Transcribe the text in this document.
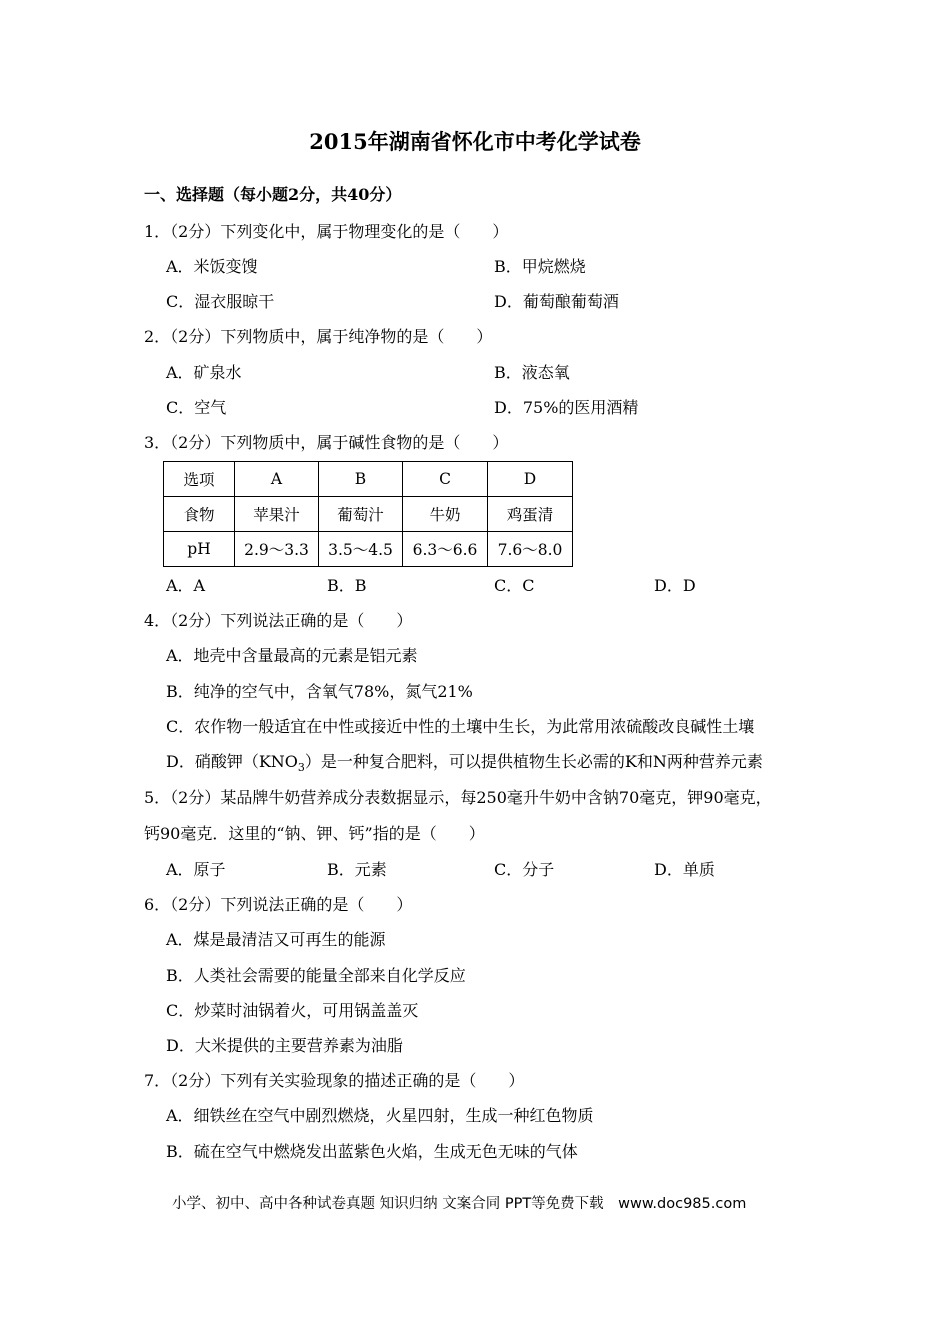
2015年湖南省怀化市中考化学试卷
一、选择题（每小题2分，共40分）
1．（2分）下列变化中，属于物理变化的是（　　）
A．米饭变馊	B．甲烷燃烧
C．湿衣服晾干	D．葡萄酿葡萄酒
2．（2分）下列物质中，属于纯净物的是（　　）
A．矿泉水	B．液态氧
C．空气	D．75%的医用酒精
3．（2分）下列物质中，属于碱性食物的是（　　）
选项	A	B	C	D
食物	苹果汁	葡萄汁	牛奶	鸡蛋清
pH	2.9～3.3	3.5～4.5	6.3～6.6	7.6～8.0
A．A	B．B	C．C	D．D
4．（2分）下列说法正确的是（　　）
A．地壳中含量最高的元素是铝元素
B．纯净的空气中，含氧气78%，氮气21%
C．农作物一般适宜在中性或接近中性的土壤中生长，为此常用浓硫酸改良碱性土壤
D．硝酸钾$(KNO_3)$是一种复合肥料，可以提供植物生长必需的K和N两种营养元素
5．（2分）某品牌牛奶营养成分表数据显示，每250毫升牛奶中含钠70毫克，钾90毫克，
钙90毫克．这里的“钠、钾、钙”指的是（　　）
A．原子	B．元素	C．分子	D．单质
6．（2分）下列说法正确的是（　　）
A．煤是最清洁又可再生的能源
B．人类社会需要的能量全部来自化学反应
C．炒菜时油锅着火，可用锅盖盖灭
D．大米提供的主要营养素为油脂
7．（2分）下列有关实验现象的描述正确的是（　　）
A．细铁丝在空气中剧烈燃烧，火星四射，生成一种红色物质
B．硫在空气中燃烧发出蓝紫色火焰，生成无色无味的气体
小学、初中、高中各种试卷真题 知识归纳 文案合同 PPT等免费下载　www.doc985.com
